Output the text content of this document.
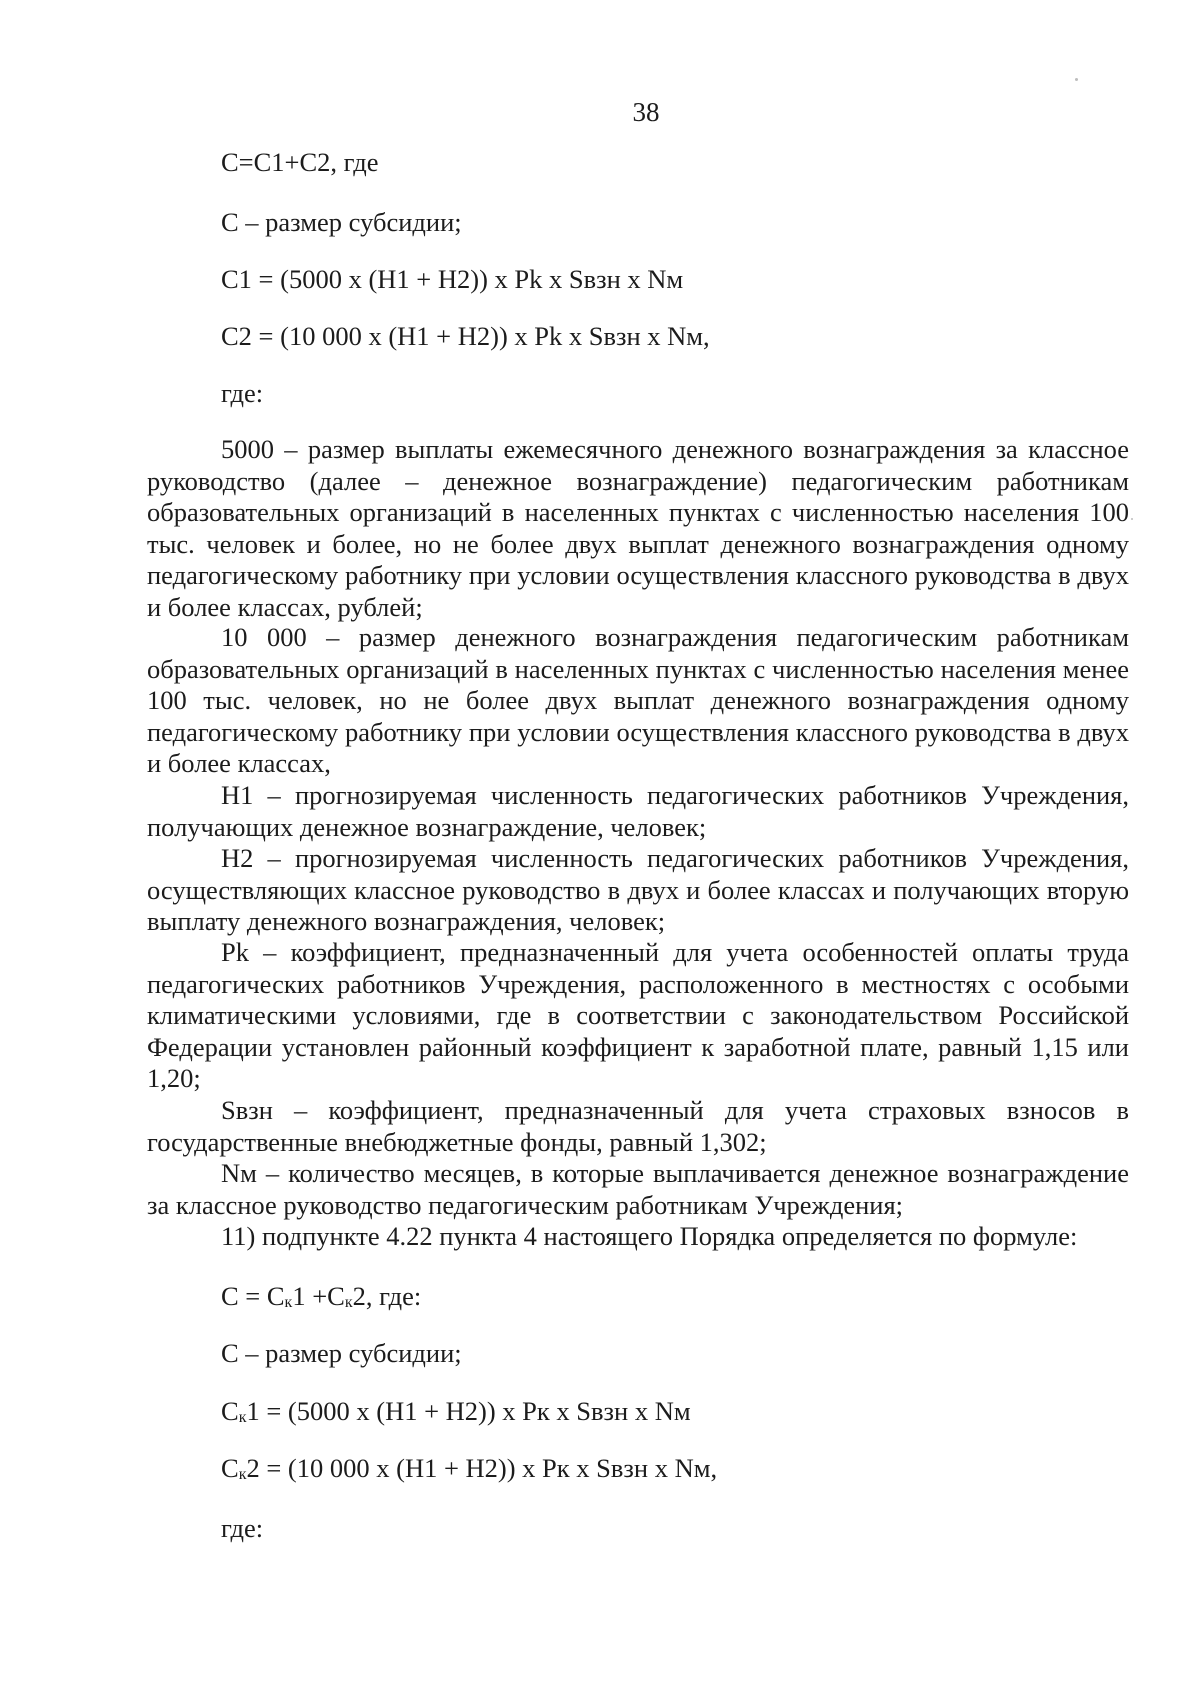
38
С=С1+С2, где
С – размер субсидии;
С1 = (5000 х (Н1 + Н2)) х Pk х Sвзн х Nм
С2 = (10 000 х (Н1 + Н2)) х Pk х Sвзн х Nм,
где:
5000 – размер выплаты ежемесячного денежного вознаграждения за классное руководство (далее – денежное вознаграждение) педагогическим работникам образовательных организаций в населенных пунктах с численностью населения 100 тыс. человек и более, но не более двух выплат денежного вознаграждения одному педагогическому работнику при условии осуществления классного руководства в двух и более классах, рублей;
10 000 – размер денежного вознаграждения педагогическим работникам образовательных организаций в населенных пунктах с численностью населения менее 100 тыс. человек, но не более двух выплат денежного вознаграждения одному педагогическому работнику при условии осуществления классного руководства в двух и более классах,
Н1 – прогнозируемая численность педагогических работников Учреждения, получающих денежное вознаграждение, человек;
Н2 – прогнозируемая численность педагогических работников Учреждения, осуществляющих классное руководство в двух и более классах и получающих вторую выплату денежного вознаграждения, человек;
Pk – коэффициент, предназначенный для учета особенностей оплаты труда педагогических работников Учреждения, расположенного в местностях с особыми климатическими условиями, где в соответствии с законодательством Российской Федерации установлен районный коэффициент к заработной плате, равный 1,15 или 1,20;
Sвзн – коэффициент, предназначенный для учета страховых взносов в государственные внебюджетные фонды, равный 1,302;
Nм – количество месяцев, в которые выплачивается денежное вознаграждение за классное руководство педагогическим работникам Учреждения;
11) подпункте 4.22 пункта 4 настоящего Порядка определяется по формуле:
$С = С_к1 +С_к2$, где:
С – размер субсидии;
$С_к1 = (5000$ х (Н1 + Н2)) х Рк х Sвзн х Nм
$С_к2 = (10$ 000 х (Н1 + Н2)) х Рк х Sвзн х Nм,
где:
